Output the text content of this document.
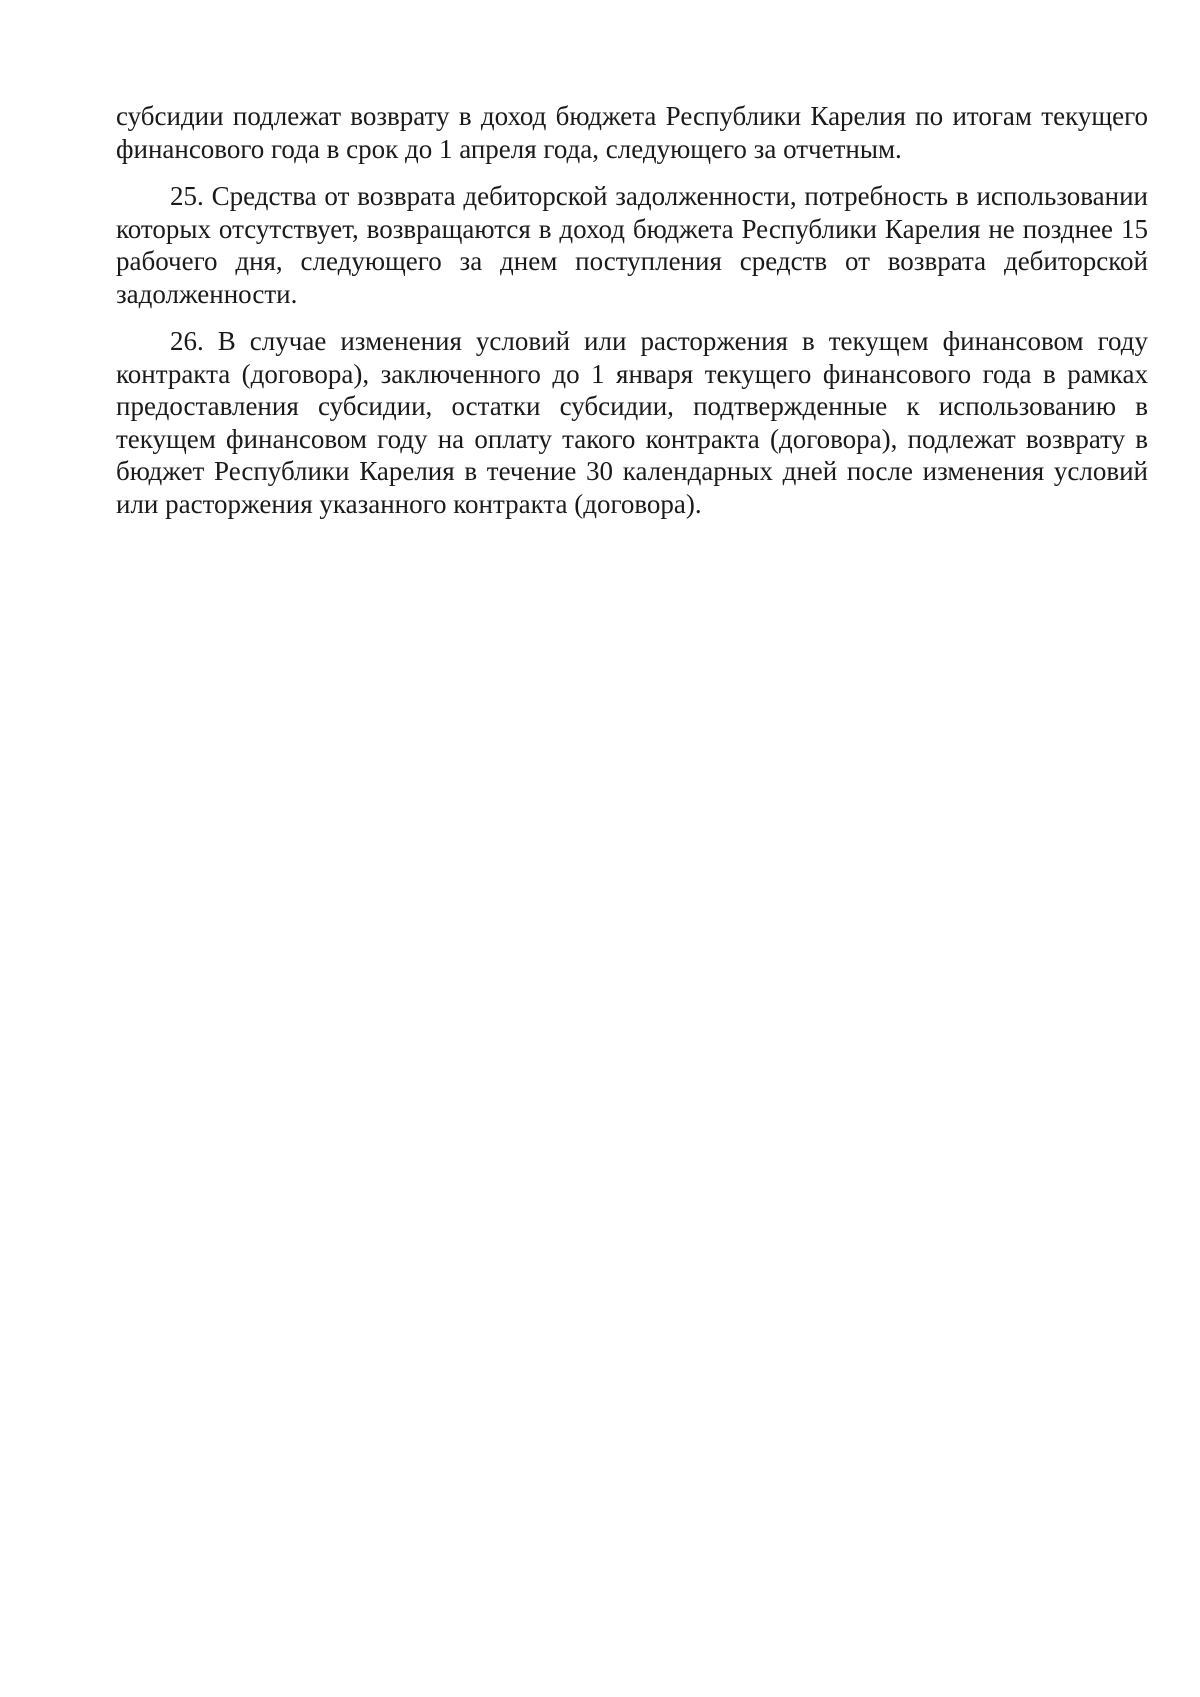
субсидии подлежат возврату в доход бюджета Республики Карелия по итогам текущего финансового года в срок до 1 апреля года, следующего за отчетным.

25. Средства от возврата дебиторской задолженности, потребность в использовании которых отсутствует, возвращаются в доход бюджета Республики Карелия не позднее 15 рабочего дня, следующего за днем поступления средств от возврата дебиторской задолженности.

26. В случае изменения условий или расторжения в текущем финансовом году контракта (договора), заключенного до 1 января текущего финансового года в рамках предоставления субсидии, остатки субсидии, подтвержденные к использованию в текущем финансовом году на оплату такого контракта (договора), подлежат возврату в бюджет Республики Карелия в течение 30 календарных дней после изменения условий или расторжения указанного контракта (договора).
